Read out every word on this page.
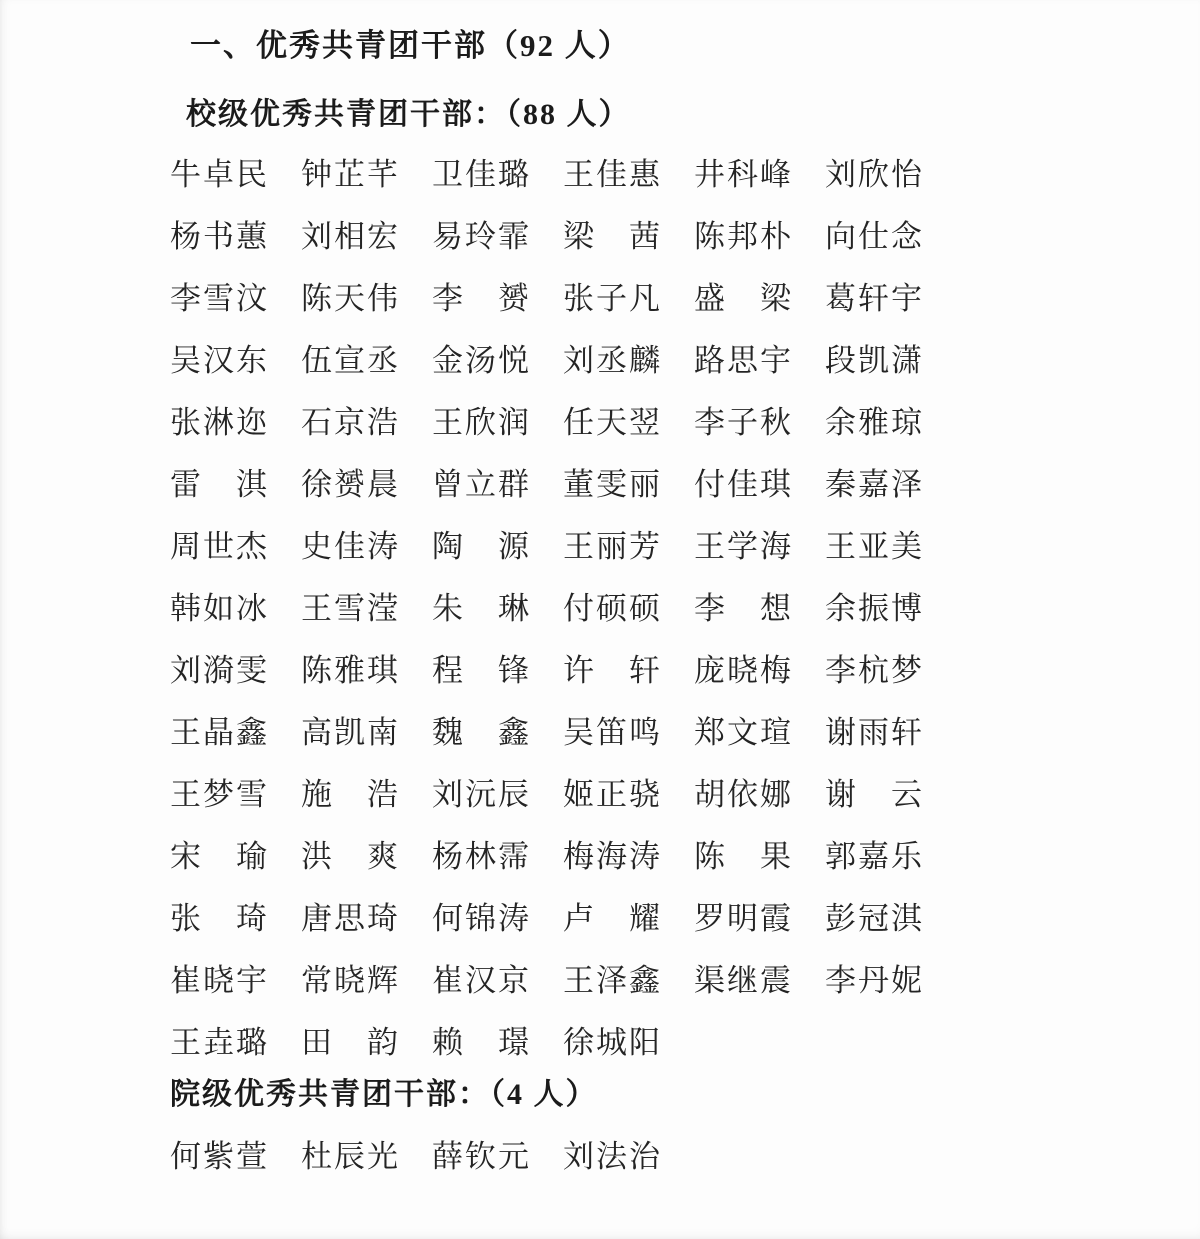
一、优秀共青团干部（92 人）
校级优秀共青团干部：（88 人）
牛卓民 钟芷芊 卫佳璐 王佳惠 井科峰 刘欣怡
杨书蕙 刘相宏 易玲霏 梁　茜 陈邦朴 向仕念
李雪汶 陈天伟 李　赟 张子凡 盛　梁 葛轩宇
吴汉东 伍宣丞 金汤悦 刘丞麟 路思宇 段凯潇
张淋迩 石京浩 王欣润 任天翌 李子秋 余雅琼
雷　淇 徐赟晨 曾立群 董雯丽 付佳琪 秦嘉泽
周世杰 史佳涛 陶　源 王丽芳 王学海 王亚美
韩如冰 王雪滢 朱　琳 付硕硕 李　想 余振博
刘漪雯 陈雅琪 程　锋 许　轩 庞晓梅 李杭梦
王晶鑫 高凯南 魏　鑫 吴笛鸣 郑文瑄 谢雨轩
王梦雪 施　浩 刘沅辰 姬正骁 胡依娜 谢　云
宋　瑜 洪　爽 杨林霈 梅海涛 陈　果 郭嘉乐
张　琦 唐思琦 何锦涛 卢　耀 罗明霞 彭冠淇
崔晓宇 常晓辉 崔汉京 王泽鑫 渠继震 李丹妮
王垚璐 田　韵 赖　璟 徐城阳
院级优秀共青团干部：（4 人）
何紫萱 杜辰光 薛钦元 刘法治
